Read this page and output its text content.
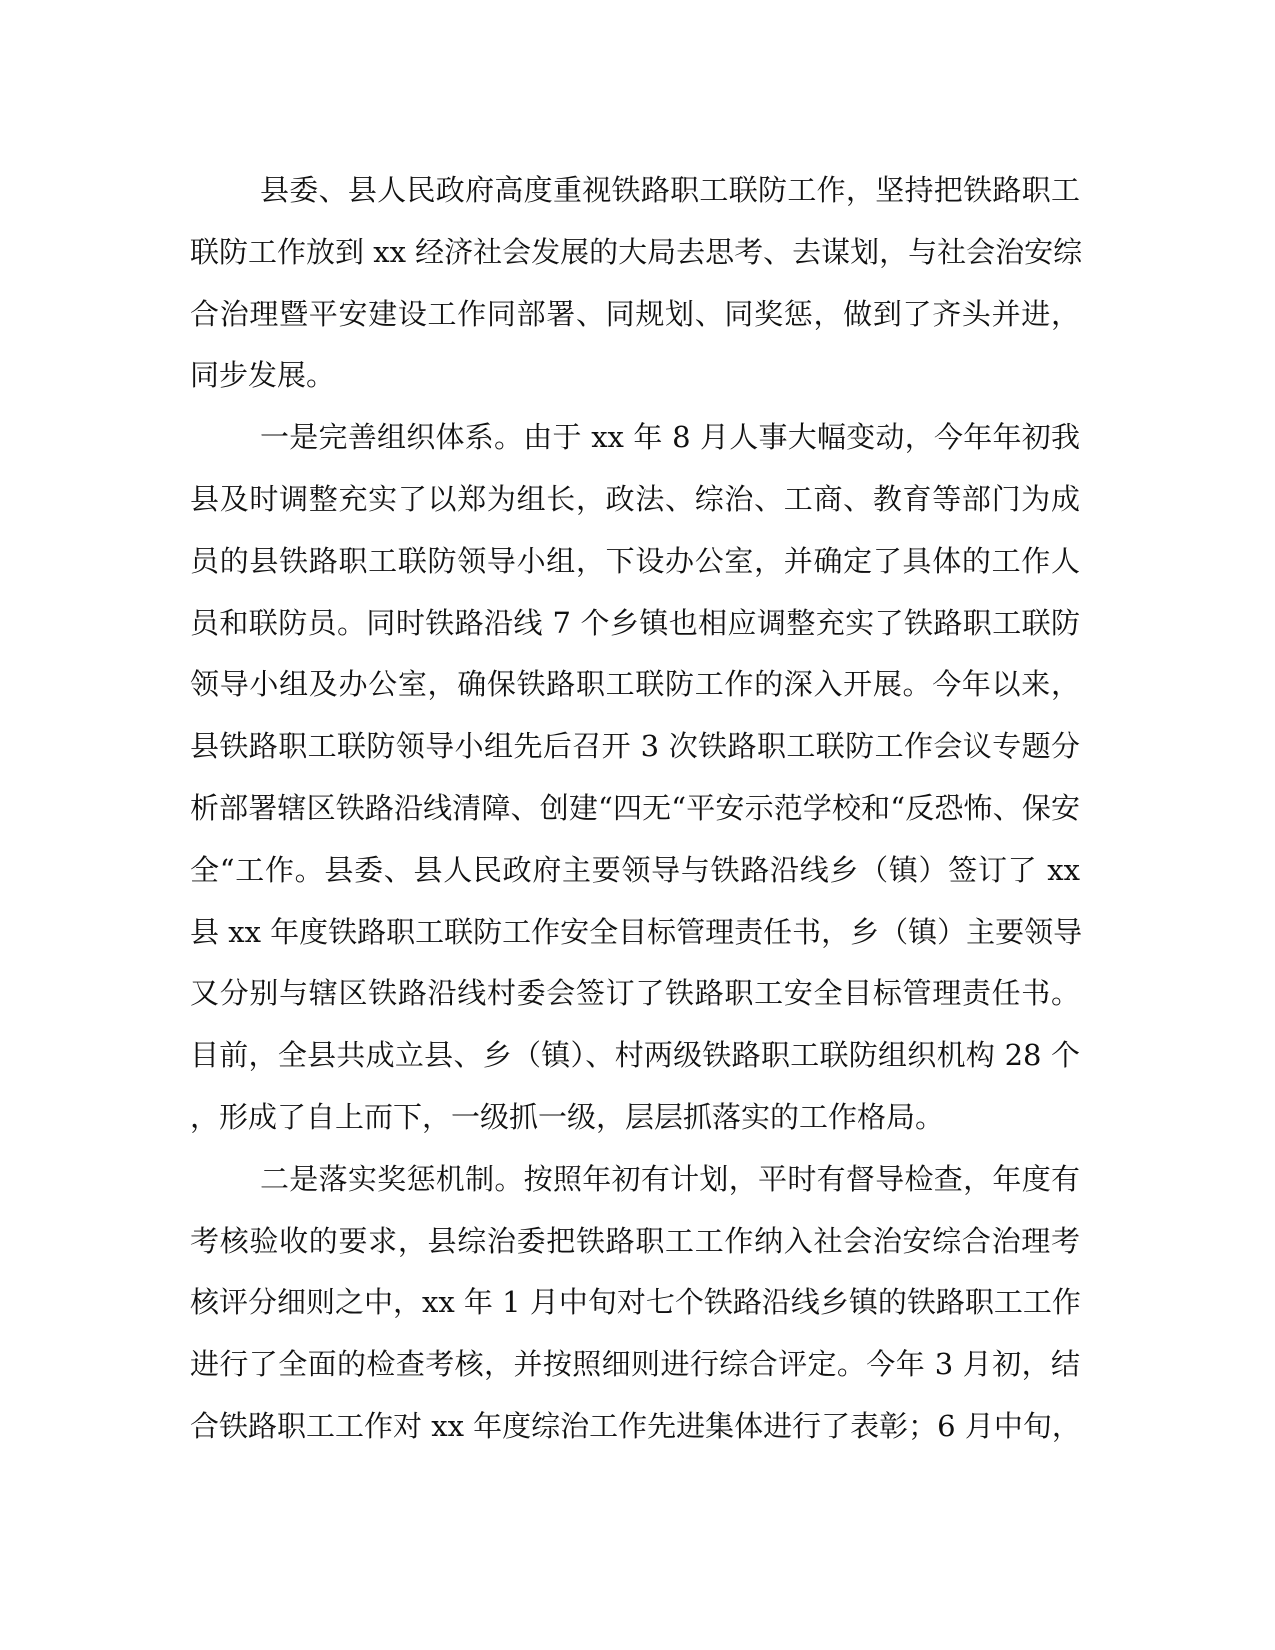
县委、县人民政府高度重视铁路职工联防工作，坚持把铁路职工
联防工作放到 xx 经济社会发展的大局去思考、去谋划，与社会治安综
合治理暨平安建设工作同部署、同规划、同奖惩，做到了齐头并进，
同步发展。
一是完善组织体系。由于 xx 年 8 月人事大幅变动，今年年初我
县及时调整充实了以郑为组长，政法、综治、工商、教育等部门为成
员的县铁路职工联防领导小组，下设办公室，并确定了具体的工作人
员和联防员。同时铁路沿线 7 个乡镇也相应调整充实了铁路职工联防
领导小组及办公室，确保铁路职工联防工作的深入开展。今年以来，
县铁路职工联防领导小组先后召开 3 次铁路职工联防工作会议专题分
析部署辖区铁路沿线清障、创建“四无“平安示范学校和“反恐怖、保安
全“工作。县委、县人民政府主要领导与铁路沿线乡（镇）签订了 xx
县 xx 年度铁路职工联防工作安全目标管理责任书，乡（镇）主要领导
又分别与辖区铁路沿线村委会签订了铁路职工安全目标管理责任书。
目前，全县共成立县、乡（镇）、村两级铁路职工联防组织机构 28 个
，形成了自上而下，一级抓一级，层层抓落实的工作格局。
二是落实奖惩机制。按照年初有计划，平时有督导检查，年度有
考核验收的要求，县综治委把铁路职工工作纳入社会治安综合治理考
核评分细则之中，xx 年 1 月中旬对七个铁路沿线乡镇的铁路职工工作
进行了全面的检查考核，并按照细则进行综合评定。今年 3 月初，结
合铁路职工工作对 xx 年度综治工作先进集体进行了表彰；6 月中旬，
